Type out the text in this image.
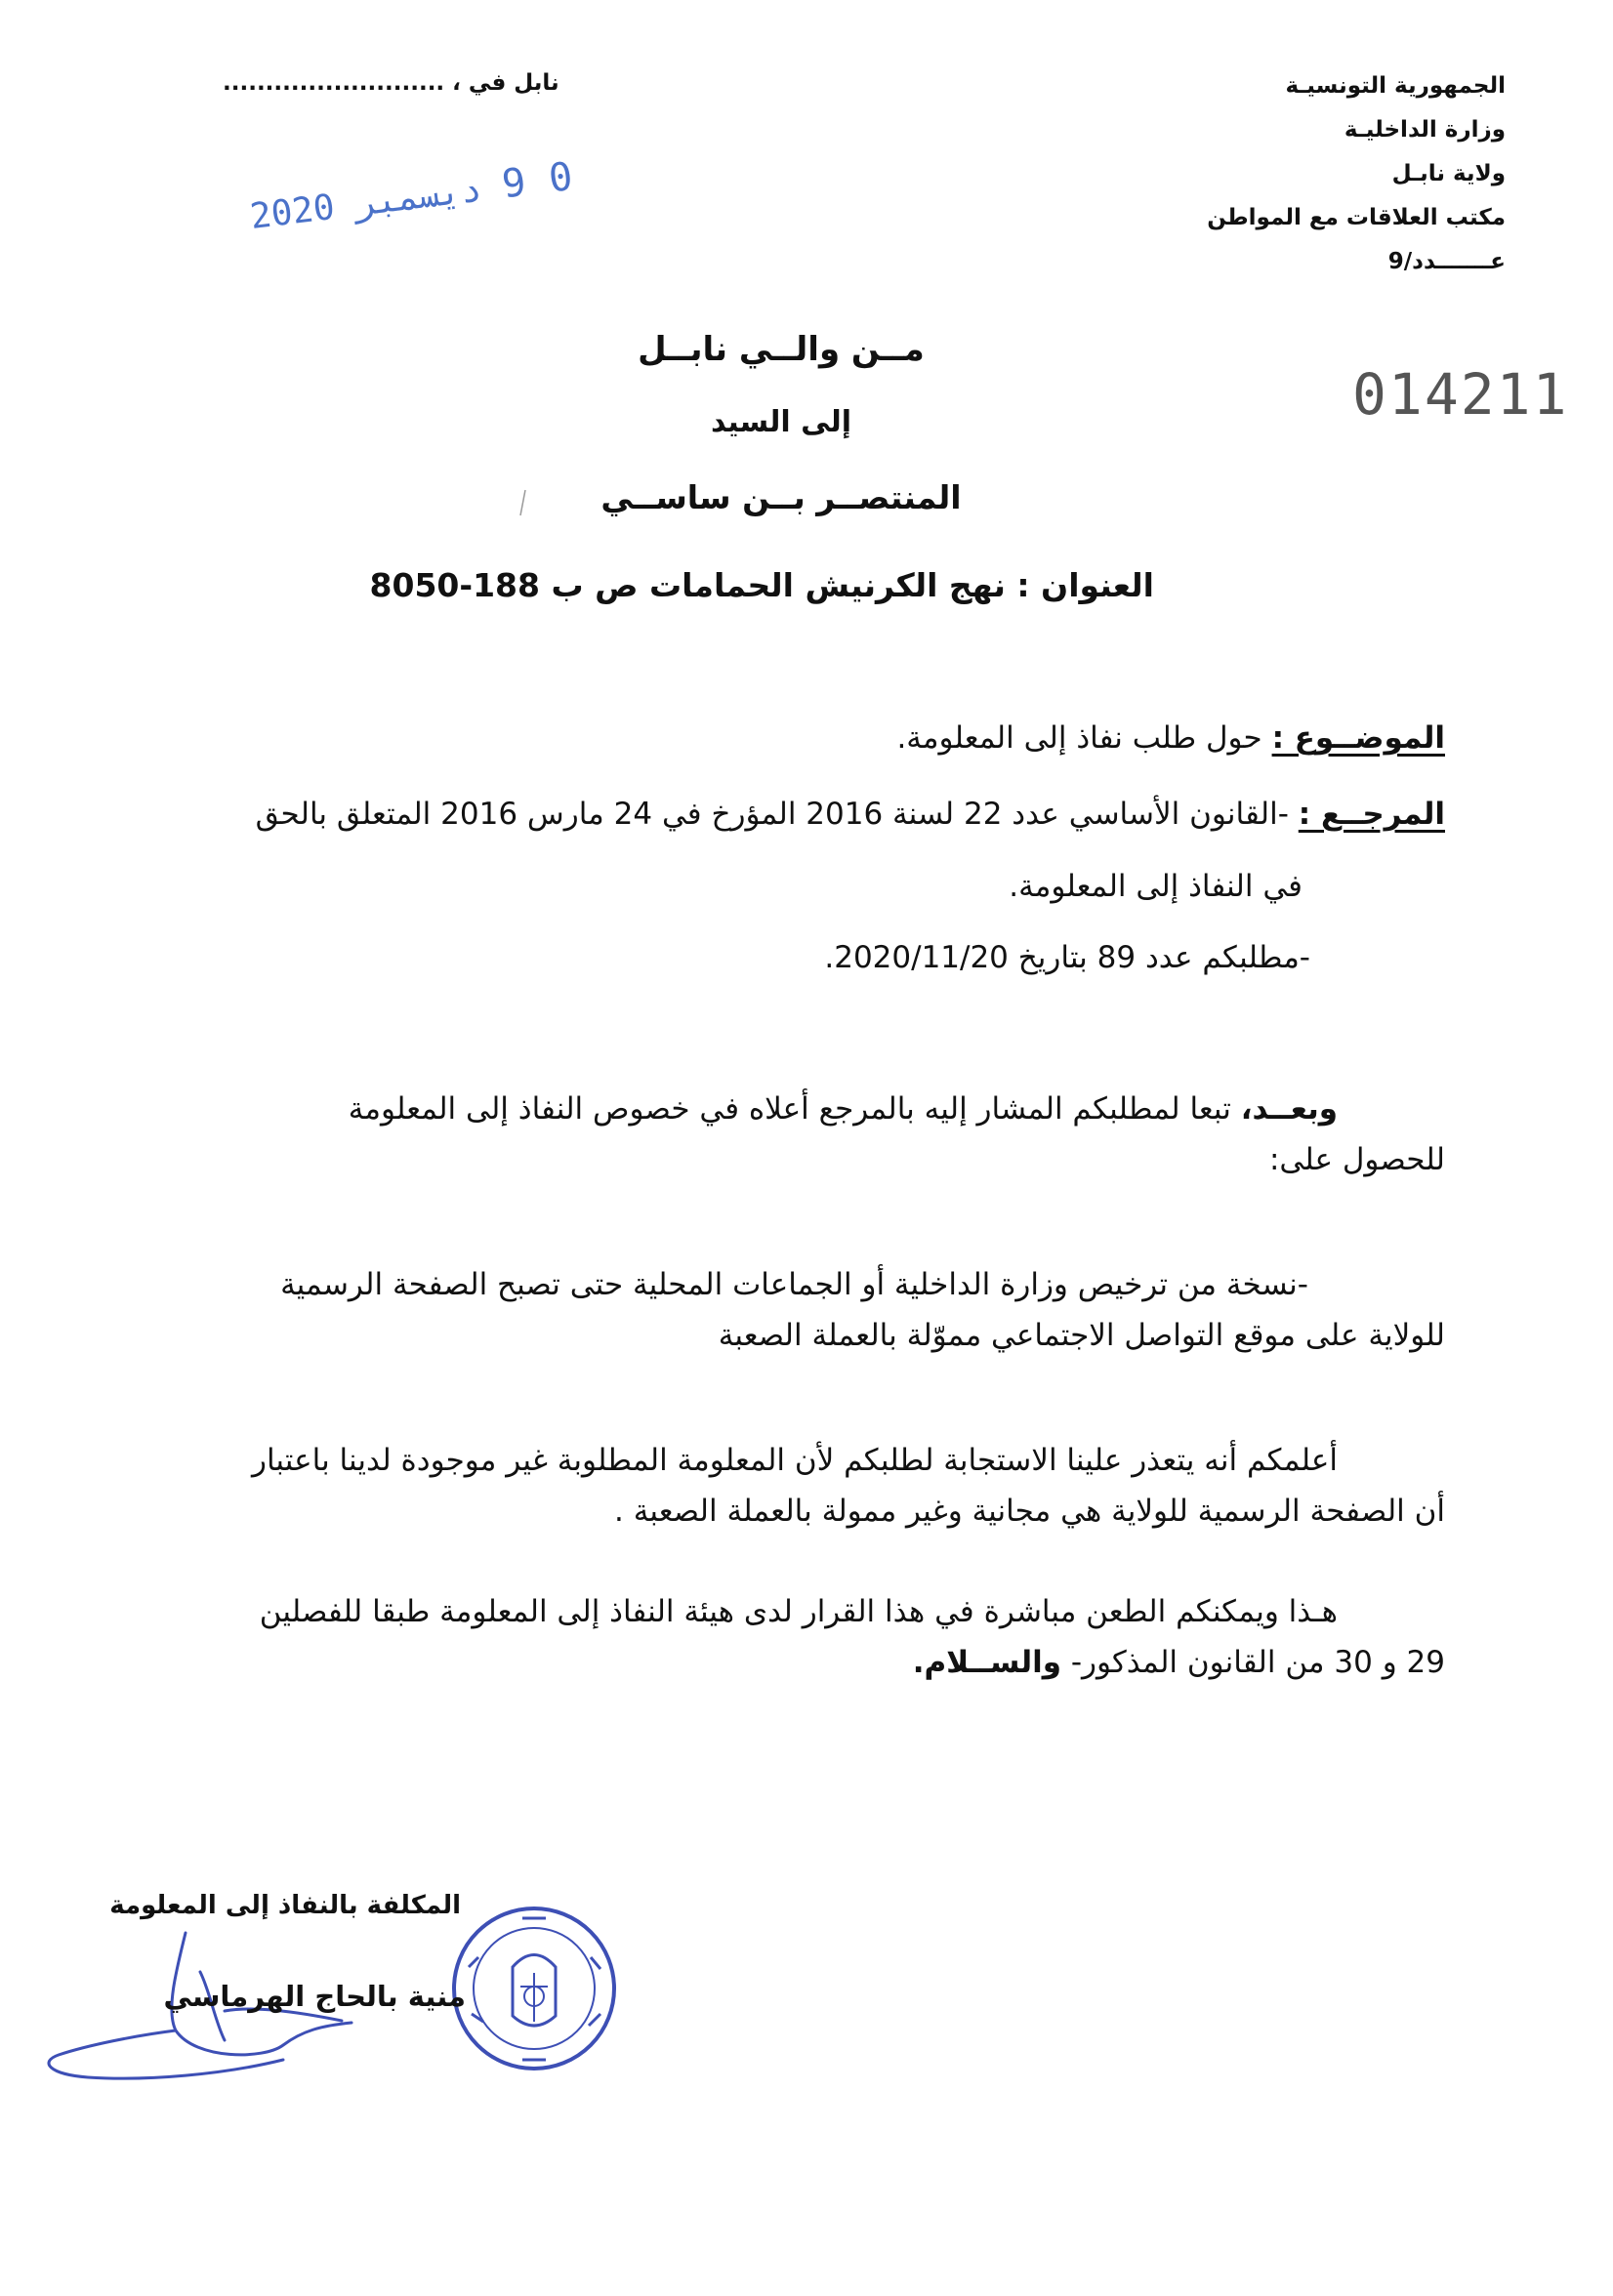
الجمهورية التونسيـة
وزارة الداخليـة
ولاية نابـل
مكتب العلاقات مع المواطن
عـــــــدد/9
نابل في ، ..........................
0 9 ديسمبر 2020
014211
مــن والــي نابــل
إلى السيد
المنتصــر بــن ساســي
العنوان : نهج الكرنيش الحمامات ص ب 188-8050
الموضــوع : حول طلب نفاذ إلى المعلومة.
المرجــع : -القانون الأساسي عدد 22 لسنة 2016 المؤرخ في 24 مارس 2016 المتعلق بالحق
في النفاذ إلى المعلومة.
-مطلبكم عدد 89 بتاريخ 2020/11/20.
وبعــد، تبعا لمطلبكم المشار إليه بالمرجع أعلاه في خصوص النفاذ إلى المعلومة
للحصول على:
-نسخة من ترخيص وزارة الداخلية أو الجماعات المحلية حتى تصبح الصفحة الرسمية
للولاية على موقع التواصل الاجتماعي مموّلة بالعملة الصعبة
أعلمكم أنه يتعذر علينا الاستجابة لطلبكم لأن المعلومة المطلوبة غير موجودة لدينا باعتبار
أن الصفحة الرسمية للولاية هي مجانية وغير ممولة بالعملة الصعبة .
هـذا ويمكنكم الطعن مباشرة في هذا القرار لدى هيئة النفاذ إلى المعلومة طبقا للفصلين
29 و 30 من القانون المذكور- والســلام.
المكلفة بالنفاذ إلى المعلومة
منية بالحاج الهرماسي
